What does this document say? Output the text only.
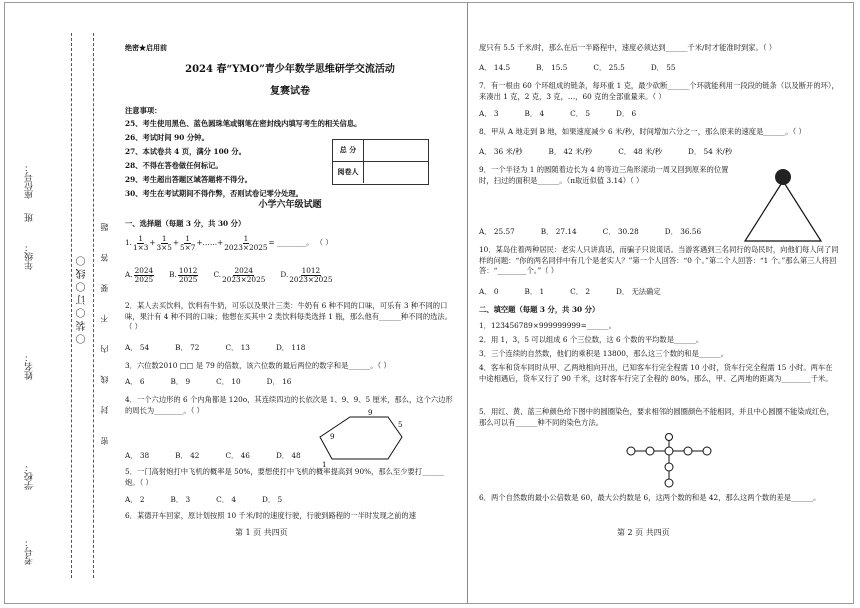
考号：
学校：
姓名：
年级：
班
座位号：
〇装〇订〇线〇 密 封 线 内 不 要 答 题
绝密★启用前
2024 春“YMO”青少年数学思维研学交流活动
复赛试卷
注意事项：
25、考生使用黑色、蓝色圆珠笔或钢笔在密封线内填写考生的相关信息。
26、考试时间 90 分钟。
27、本试卷共 4 页，满分 100 分。
28、不得在答卷做任何标记。
29、考生超出答题区域答题将不得分。
30、考生在考试期间不得作弊，否则试卷记零分处理。
总 分
阅卷人
小学六年级试题
一、选择题（每题 3 分，共 30 分）
1. $\frac{1}{1\times 3} + \frac{1}{3\times 5} + \frac{1}{5\times 7}$ +……+ $\frac{1}{2023\times 2025}$ = ________。 （ ）
A. $\frac{2024}{2025} B$. $\frac{1012}{2025} C$. $\frac{2024}{2023\times 2025} D$. $\frac{1012}{2023\times 2025}$
2．某人去买饮料，饮料有牛奶，可乐以及果汁三类：牛奶有 6 种不同的口味，可乐有 3 种不同的口味，果汁有 4 种不同的口味；他想在买其中 2 类饮料每类选择 1 瓶，那么他有______种不同的选法。（ ）
A． 54	B． 72	C． 13	D． 118
3．六位数2010 □□ 是 79 的倍数，该六位数的最后两位的数字和是______。（ ）
A． 6	B． 9	C． 10	D． 16
4．一个六边形的 6 个内角都是 120o，其连续四边的长依次是 1、9、9、5 厘米，那么，这个六边形的周长为________。（ ）	9
9
5
1
A． 38	B． 42	C． 46	D． 48
5．一门高射炮打中飞机的概率是 50%，要想使打中飞机的概率提高到 90%，那么至少要打______炮。（ ）
A． 2	B． 3	C． 4	D． 5
6．某德开车回家，原计划按照 10 千米/时的速度行驶，行驶到路程的一半时发现之前的速
第 1 页 共四页
度只有 5.5 千米/时，那么在后一半路程中，速度必须达到______千米/时才能准时到家。（ ）
A． 14.5	B． 15.5	C． 25.5	D． 55
7．有一根由 60 个环组成的链条，每环重 1 克，最少砍断______个环就能利用一段段的链条（以及断开的环），来凑出 1 克，2 克，3 克，…，60 克的全部重量来。（ ）
A． 3	B． 4	C． 5	D． 6
8．甲从 A 地走到 B 地，如果速度减少 6 米/秒，时间增加六分之一，那么原来的速度是______。（ ）
A． 36 米/秒	B． 42 米/秒	C． 48 米/秒	D． 54 米/秒
9．一个半径为 1 的圆随着边长为 4 的等边三角形滚动一周又回到原来的位置时，扫过的面积是______。（π取近似值 3.14）（ ）
A． 25.57	B． 27.14	C． 30.28	D． 36.56
10．某岛住着两种居民：老实人只讲真话，而骗子只说谎话。当游客遇到三名同行的岛民时，向他们每人问了同样的问题：“你的两名同伴中有几个是老实人？”第一个人回答：“0 个。”第二个人回答：“1 个。”那么第三人将回答：“________个。”（ ）
A． 0	B． 1	C． 2	D． 无法确定
二、填空题（每题 3 分，共 30 分）
1．123456789×999999999=______。
2．用 1，3，5 可以组成 6 个三位数，这 6 个数的平均数是______。
3．三个连续的自然数，他们的乘积是 13800，那么这三个数的和是______。
4．客车和货车同时从甲、乙两地相向开出，已知客车行完全程需 10 小时，货车行完全程需 15 小时。两车在中途相遇后，货车又行了 90 千米，这时客车行完了全程的 80%。那么，甲、乙两地的距离为________千米。
5．用红、黄、蓝三种颜色给下图中的圆圈染色，要求相邻的圆圈颜色不能相同，并且中心圆圈不能染成红色，那么可以有______种不同的染色方法。
6．两个自然数的最小公倍数是 60，最大公约数是 6，这两个数的和是 42，那么这两个数的差是______。
第 2 页 共四页
